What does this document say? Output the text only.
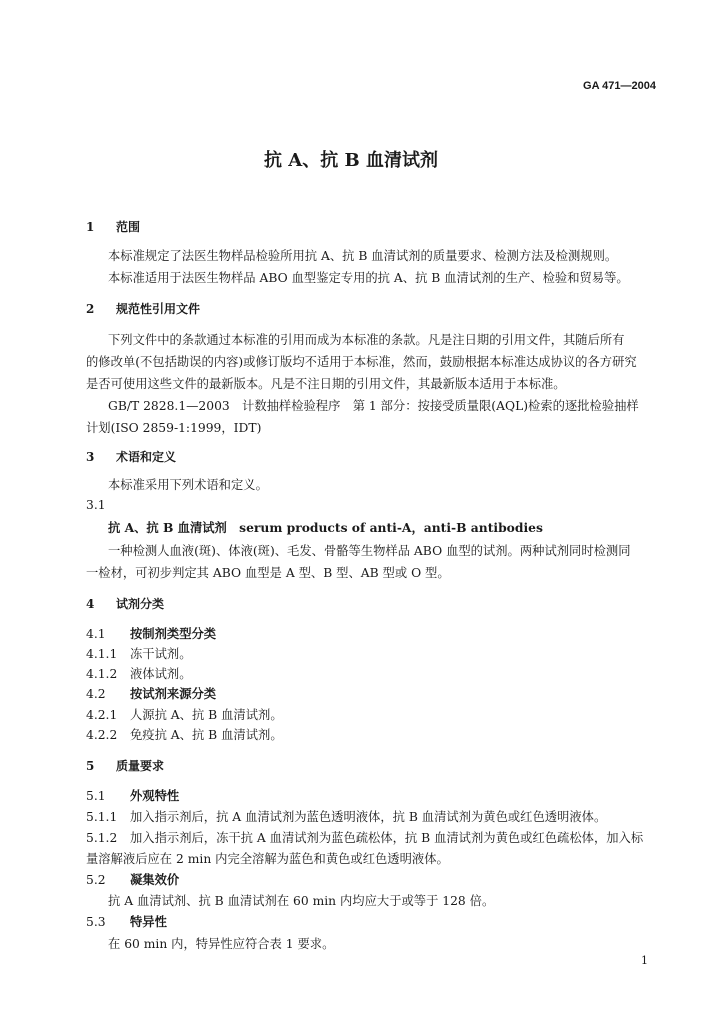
GA 471—2004
抗 A、抗 B 血清试剂
1 范围
本标准规定了法医生物样品检验所用抗 A、抗 B 血清试剂的质量要求、检测方法及检测规则。
本标准适用于法医生物样品 ABO 血型鉴定专用的抗 A、抗 B 血清试剂的生产、检验和贸易等。
2 规范性引用文件
下列文件中的条款通过本标准的引用而成为本标准的条款。凡是注日期的引用文件，其随后所有
的修改单(不包括勘误的内容)或修订版均不适用于本标准，然而，鼓励根据本标准达成协议的各方研究
是否可使用这些文件的最新版本。凡是不注日期的引用文件，其最新版本适用于本标准。
GB/T 2828.1—2003　计数抽样检验程序　第 1 部分：按接受质量限(AQL)检索的逐批检验抽样
计划(ISO 2859-1:1999，IDT)
3 术语和定义
本标准采用下列术语和定义。
3.1
抗 A、抗 B 血清试剂　serum products of anti-A，anti-B antibodies
一种检测人血液(斑)、体液(斑)、毛发、骨骼等生物样品 ABO 血型的试剂。两种试剂同时检测同
一检材，可初步判定其 ABO 血型是 A 型、B 型、AB 型或 O 型。
4 试剂分类
4.1 按制剂类型分类
4.1.1 冻干试剂。
4.1.2 液体试剂。
4.2 按试剂来源分类
4.2.1 人源抗 A、抗 B 血清试剂。
4.2.2 免疫抗 A、抗 B 血清试剂。
5 质量要求
5.1 外观特性
5.1.1 加入指示剂后，抗 A 血清试剂为蓝色透明液体，抗 B 血清试剂为黄色或红色透明液体。
5.1.2 加入指示剂后，冻干抗 A 血清试剂为蓝色疏松体，抗 B 血清试剂为黄色或红色疏松体，加入标
量溶解液后应在 2 min 内完全溶解为蓝色和黄色或红色透明液体。
5.2 凝集效价
抗 A 血清试剂、抗 B 血清试剂在 60 min 内均应大于或等于 128 倍。
5.3 特异性
在 60 min 内，特异性应符合表 1 要求。
1
